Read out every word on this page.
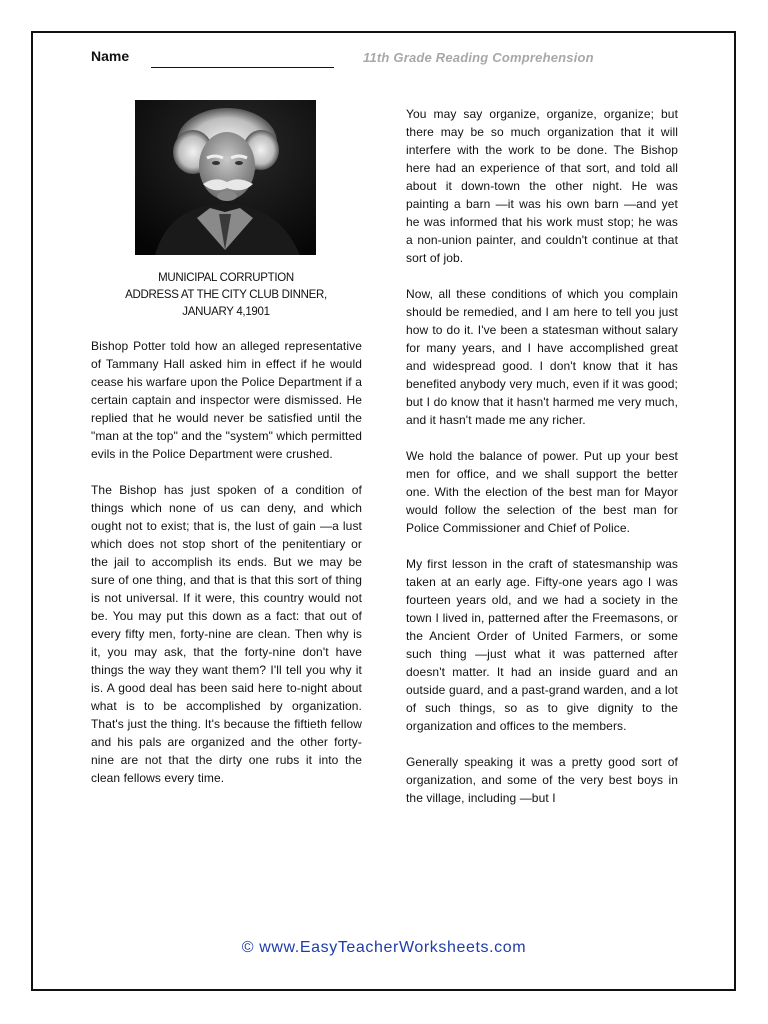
Name	11th Grade Reading Comprehension
MUNICIPAL CORRUPTION
ADDRESS AT THE CITY CLUB DINNER,
JANUARY 4,1901

Bishop Potter told how an alleged representative of Tammany Hall asked him in effect if he would cease his warfare upon the Police Department if a certain captain and inspector were dismissed. He replied that he would never be satisfied until the "man at the top" and the "system" which permitted evils in the Police Department were crushed.

The Bishop has just spoken of a condition of things which none of us can deny, and which ought not to exist; that is, the lust of gain —a lust which does not stop short of the penitentiary or the jail to accomplish its ends. But we may be sure of one thing, and that is that this sort of thing is not universal. If it were, this country would not be. You may put this down as a fact: that out of every fifty men, forty-nine are clean. Then why is it, you may ask, that the forty-nine don't have things the way they want them? I'll tell you why it is. A good deal has been said here to-night about what is to be accomplished by organization. That's just the thing. It's because the fiftieth fellow and his pals are organized and the other forty-nine are not that the dirty one rubs it into the clean fellows every time.

You may say organize, organize, organize; but there may be so much organization that it will interfere with the work to be done. The Bishop here had an experience of that sort, and told all about it down-town the other night. He was painting a barn —it was his own barn —and yet he was informed that his work must stop; he was a non-union painter, and couldn't continue at that sort of job.

Now, all these conditions of which you complain should be remedied, and I am here to tell you just how to do it. I've been a statesman without salary for many years, and I have accomplished great and widespread good. I don't know that it has benefited anybody very much, even if it was good; but I do know that it hasn't harmed me very much, and it hasn't made me any richer.

We hold the balance of power. Put up your best men for office, and we shall support the better one. With the election of the best man for Mayor would follow the selection of the best man for Police Commissioner and Chief of Police.

My first lesson in the craft of statesmanship was taken at an early age. Fifty-one years ago I was fourteen years old, and we had a society in the town I lived in, patterned after the Freemasons, or the Ancient Order of United Farmers, or some such thing —just what it was patterned after doesn't matter. It had an inside guard and an outside guard, and a past-grand warden, and a lot of such things, so as to give dignity to the organization and offices to the members.

Generally speaking it was a pretty good sort of organization, and some of the very best boys in the village, including —but I

© www.EasyTeacherWorksheets.com
